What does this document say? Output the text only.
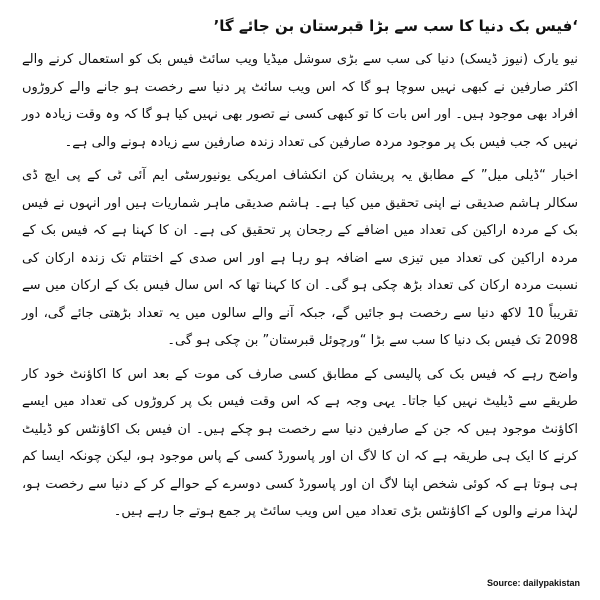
‘فیس بک دنیا کا سب سے بڑا قبرستان بن جائے گا’

نیو یارک (نیوز ڈیسک) دنیا کی سب سے بڑی سوشل میڈیا ویب سائٹ فیس بک کو استعمال کرنے والے اکثر صارفین نے کبھی نہیں سوچا ہو گا کہ اس ویب سائٹ پر دنیا سے رخصت ہو جانے والے کروڑوں افراد بھی موجود ہیں۔ اور اس بات کا تو کبھی کسی نے تصور بھی نہیں کیا ہو گا کہ وہ وقت زیادہ دور نہیں کہ جب فیس بک پر موجود مردہ صارفین کی تعداد زندہ صارفین سے زیادہ ہونے والی ہے۔

اخبار “ڈیلی میل” کے مطابق یہ پریشان کن انکشاف امریکی یونیورسٹی ایم آئی ٹی کے پی ایچ ڈی سکالر ہاشم صدیقی نے اپنی تحقیق میں کیا ہے۔ ہاشم صدیقی ماہر شماریات ہیں اور انہوں نے فیس بک کے مردہ اراکین کی تعداد میں اضافے کے رجحان پر تحقیق کی ہے۔ ان کا کہنا ہے کہ فیس بک کے مردہ اراکین کی تعداد میں تیزی سے اضافہ ہو رہا ہے اور اس صدی کے اختتام تک زندہ ارکان کی نسبت مردہ ارکان کی تعداد بڑھ چکی ہو گی۔ ان کا کہنا تھا کہ اس سال فیس بک کے ارکان میں سے تقریباً 10 لاکھ دنیا سے رخصت ہو جائیں گے، جبکہ آنے والے سالوں میں یہ تعداد بڑھتی جائے گی، اور 2098 تک فیس بک دنیا کا سب سے بڑا “ورچوئل قبرستان” بن چکی ہو گی۔

واضح رہے کہ فیس بک کی پالیسی کے مطابق کسی صارف کی موت کے بعد اس کا اکاؤنٹ خود کار طریقے سے ڈیلیٹ نہیں کیا جاتا۔ یہی وجہ ہے کہ اس وقت فیس بک پر کروڑوں کی تعداد میں ایسے اکاؤنٹ موجود ہیں کہ جن کے صارفین دنیا سے رخصت ہو چکے ہیں۔ ان فیس بک اکاؤنٹس کو ڈیلیٹ کرنے کا ایک ہی طریقہ ہے کہ ان کا لاگ ان اور پاسورڈ کسی کے پاس موجود ہو، لیکن چونکہ ایسا کم ہی ہوتا ہے کہ کوئی شخص اپنا لاگ ان اور پاسورڈ کسی دوسرے کے حوالے کر کے دنیا سے رخصت ہو، لہٰذا مرنے والوں کے اکاؤنٹس بڑی تعداد میں اس ویب سائٹ پر جمع ہوتے جا رہے ہیں۔

Source: dailypakistan
